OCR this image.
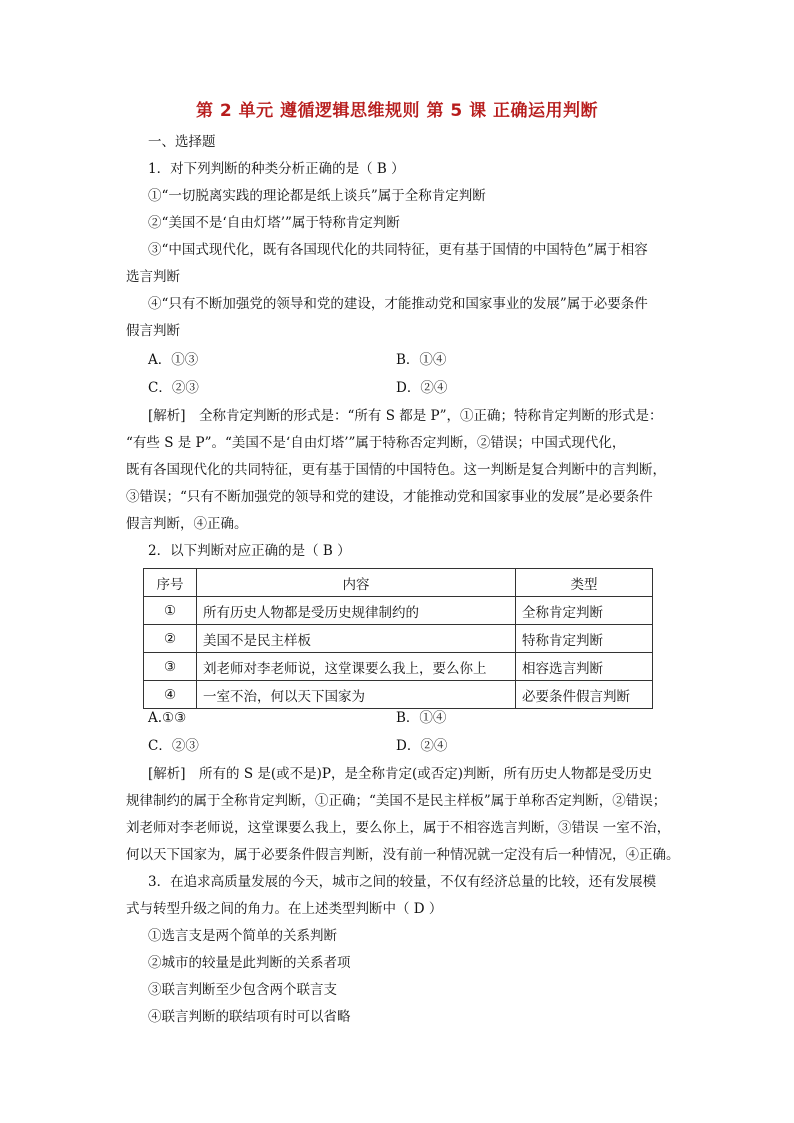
第 2 单元 遵循逻辑思维规则 第 5 课 正确运用判断
一、选择题
1．对下列判断的种类分析正确的是（ B ）
①“一切脱离实践的理论都是纸上谈兵”属于全称肯定判断
②“美国不是‘自由灯塔’”属于特称肯定判断
③“中国式现代化，既有各国现代化的共同特征，更有基于国情的中国特色”属于相容
选言判断
④“只有不断加强党的领导和党的建设，才能推动党和国家事业的发展”属于必要条件
假言判断
A．①③	B．①④
C．②③	D．②④
[解析]　全称肯定判断的形式是：“所有 S 都是 P”，①正确；特称肯定判断的形式是：
“有些 S 是 P”。“美国不是‘自由灯塔’”属于特称否定判断，②错误；中国式现代化，
既有各国现代化的共同特征，更有基于国情的中国特色。这一判断是复合判断中的言判断，
③错误；“只有不断加强党的领导和党的建设，才能推动党和国家事业的发展”是必要条件
假言判断，④正确。
2．以下判断对应正确的是（ B ）
序号	内容	类型
①	所有历史人物都是受历史规律制约的	全称肯定判断
②	美国不是民主样板	特称肯定判断
③	刘老师对李老师说，这堂课要么我上，要么你上	相容选言判断
④	一室不治，何以天下国家为	必要条件假言判断
A.①③	B．①④
C．②③	D．②④
[解析]　所有的 S 是(或不是)P，是全称肯定(或否定)判断，所有历史人物都是受历史
规律制约的属于全称肯定判断，①正确；“美国不是民主样板”属于单称否定判断，②错误；
刘老师对李老师说，这堂课要么我上，要么你上，属于不相容选言判断，③错误 一室不治，
何以天下国家为，属于必要条件假言判断，没有前一种情况就一定没有后一种情况，④正确。
3．在追求高质量发展的今天，城市之间的较量，不仅有经济总量的比较，还有发展模
式与转型升级之间的角力。在上述类型判断中（ D ）
①选言支是两个简单的关系判断
②城市的较量是此判断的关系者项
③联言判断至少包含两个联言支
④联言判断的联结项有时可以省略
